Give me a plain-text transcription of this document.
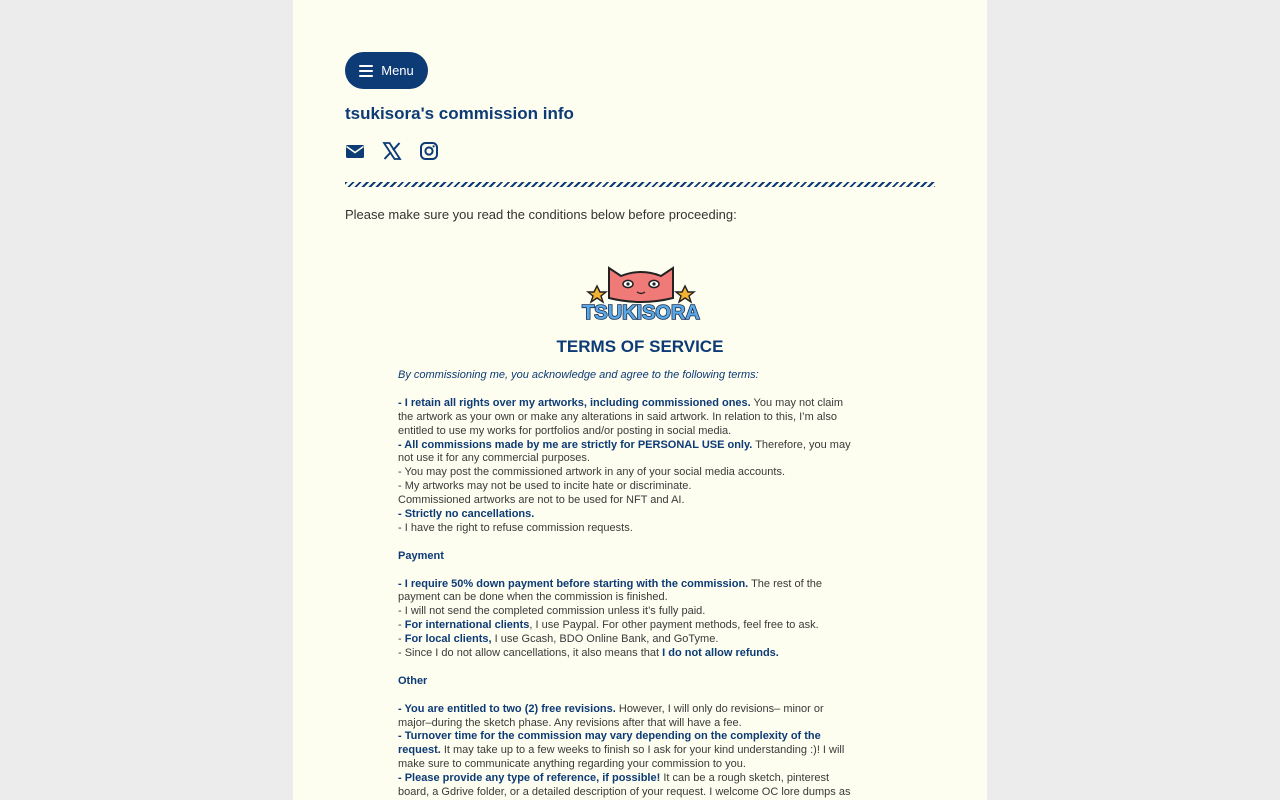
Menu
tsukisora's commission info

Please make sure you read the conditions below before proceeding:

TSUKISORA
TERMS OF SERVICE
By commissioning me, you acknowledge and agree to the following terms:
- I retain all rights over my artworks, including commissioned ones. You may not claim
the artwork as your own or make any alterations in said artwork. In relation to this, I’m also
entitled to use my works for portfolios and/or posting in social media.
- All commissions made by me are strictly for PERSONAL USE only. Therefore, you may
not use it for any commercial purposes.
- You may post the commissioned artwork in any of your social media accounts.
- My artworks may not be used to incite hate or discriminate.
Commissioned artworks are not to be used for NFT and AI.
- Strictly no cancellations.
- I have the right to refuse commission requests.
Payment
- I require 50% down payment before starting with the commission. The rest of the
payment can be done when the commission is finished.
- I will not send the completed commission unless it’s fully paid.
- For international clients, I use Paypal. For other payment methods, feel free to ask.
- For local clients, I use Gcash, BDO Online Bank, and GoTyme.
- Since I do not allow cancellations, it also means that I do not allow refunds.
Other
- You are entitled to two (2) free revisions. However, I will only do revisions– minor or
major–during the sketch phase. Any revisions after that will have a fee.
- Turnover time for the commission may vary depending on the complexity of the
request. It may take up to a few weeks to finish so I ask for your kind understanding :)! I will
make sure to communicate anything regarding your commission to you.
- Please provide any type of reference, if possible! It can be a rough sketch, pinterest
board, a Gdrive folder, or a detailed description of your request. I welcome OC lore dumps as
